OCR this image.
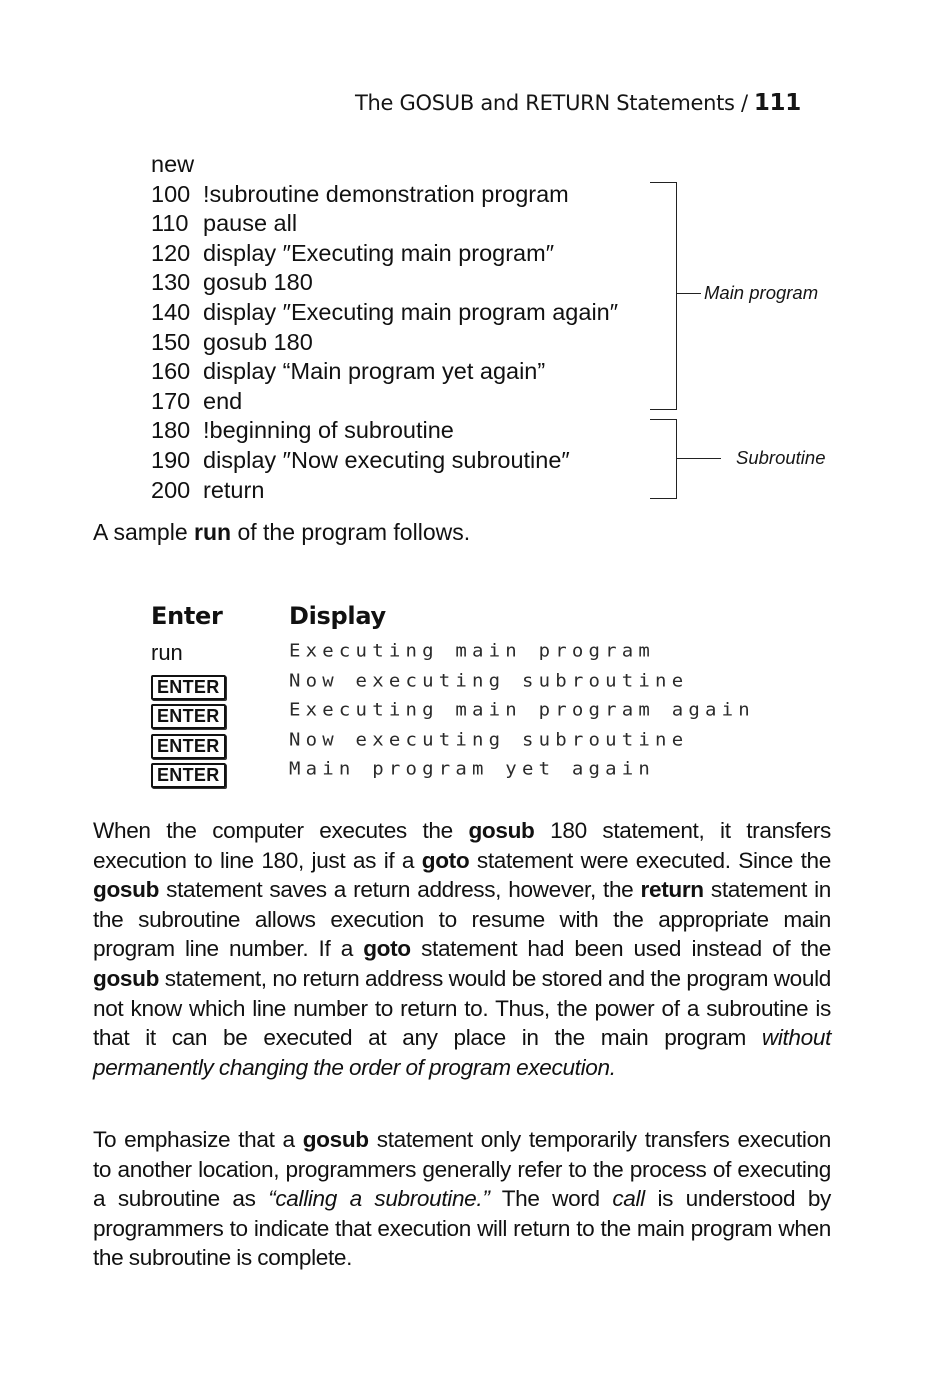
The GOSUB and RETURN Statements / 111
new
100 !subroutine demonstration program
110 pause all
120 display ″Executing main program″
130 gosub 180
140 display ″Executing main program again″
150 gosub 180
160 display “Main program yet again”
170 end
180 !beginning of subroutine
190 display ″Now executing subroutine″
200 return
Main program
Subroutine
A sample run of the program follows.
Enter	Display
run	Executing main program
ENTER	Now executing subroutine
ENTER	Executing main program again
ENTER	Now executing subroutine
ENTER	Main program yet again
When the computer executes the gosub 180 statement, it transfers execution to line 180, just as if a goto statement were executed. Since the gosub statement saves a return address, however, the return statement in the subroutine allows execution to resume with the appropriate main program line number. If a goto statement had been used instead of the gosub statement, no return address would be stored and the program would not know which line number to return to. Thus, the power of a subroutine is that it can be executed at any place in the main program without permanently changing the order of program execution.
To emphasize that a gosub statement only temporarily transfers execution to another location, programmers generally refer to the process of executing a subroutine as “calling a subroutine.” The word call is understood by programmers to indicate that execution will return to the main program when the subroutine is complete.
